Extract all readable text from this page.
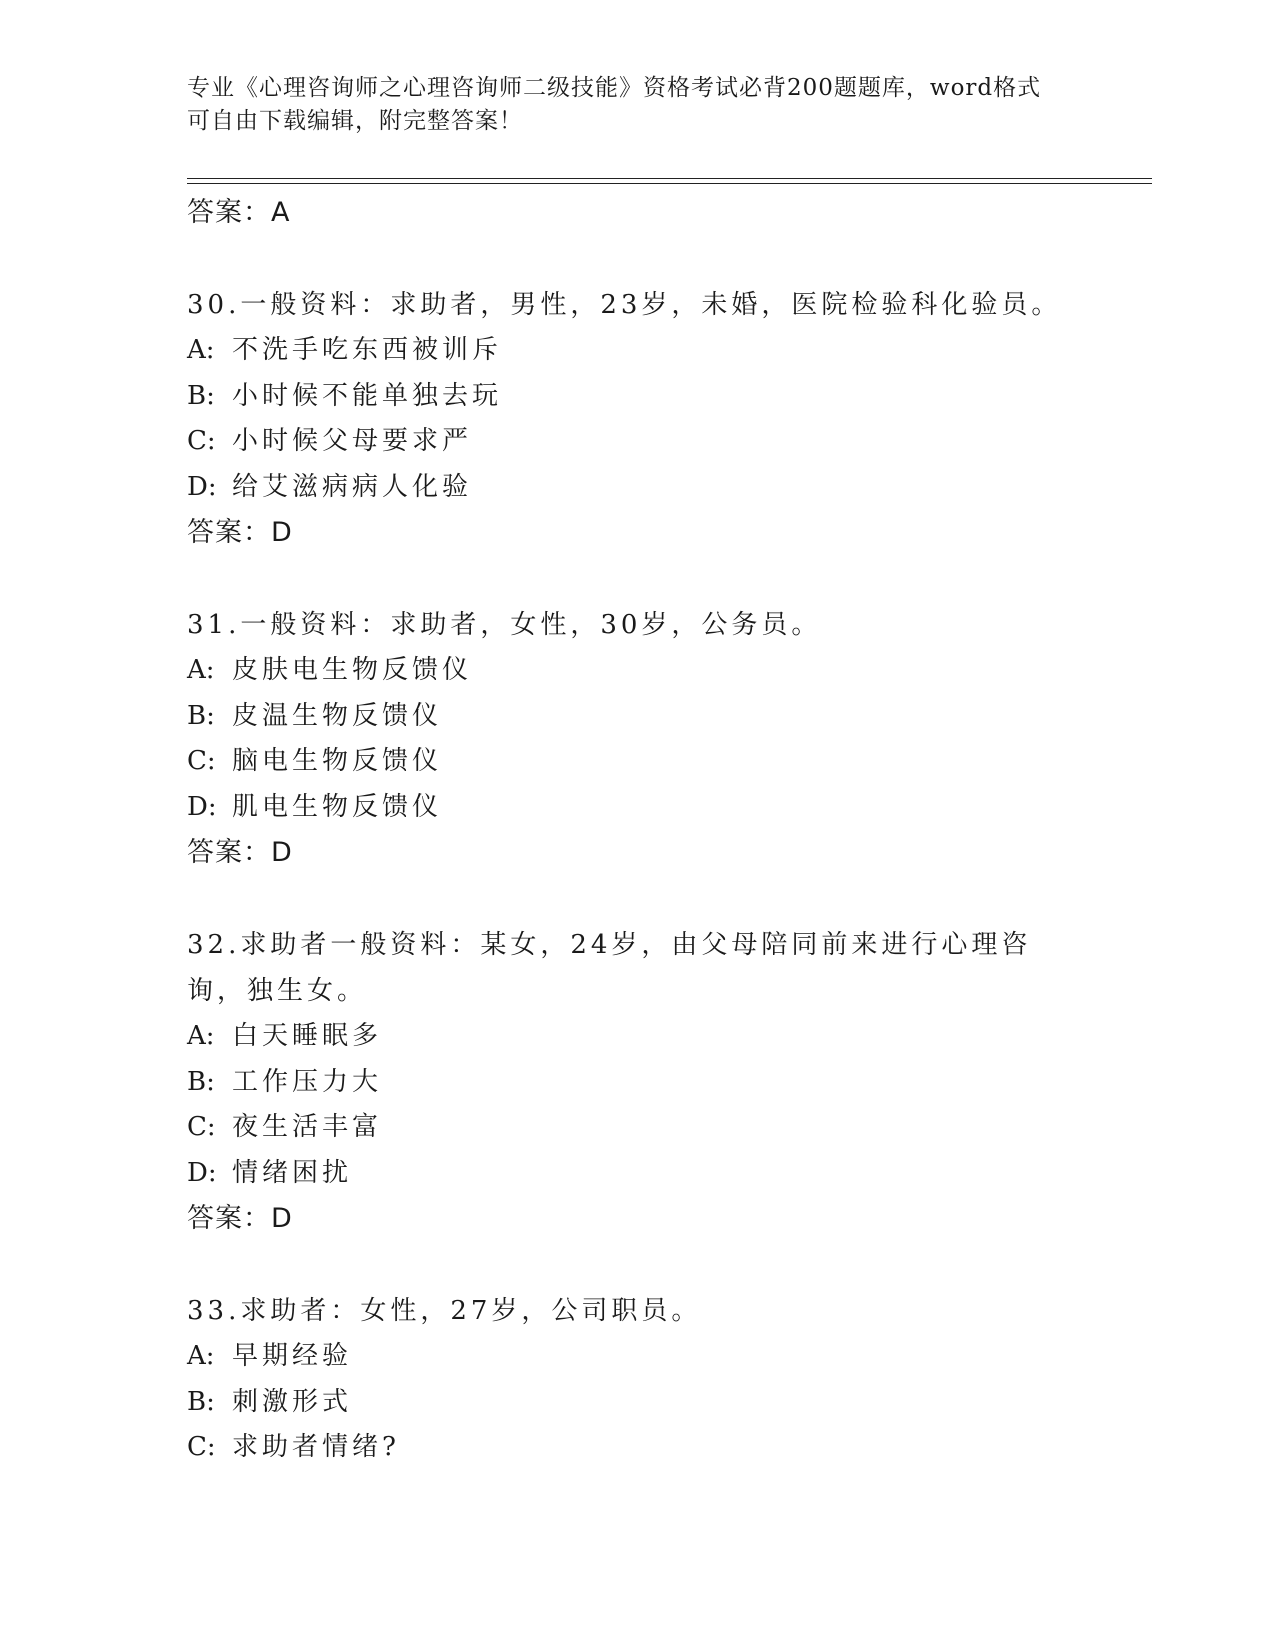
专业《心理咨询师之心理咨询师二级技能》资格考试必背200题题库，word格式
可自由下载编辑，附完整答案！
答案：A
30.一般资料：求助者，男性，23岁，未婚，医院检验科化验员。
A: 不洗手吃东西被训斥
B: 小时候不能单独去玩
C: 小时候父母要求严
D: 给艾滋病病人化验
答案：D
31.一般资料：求助者，女性，30岁，公务员。
A: 皮肤电生物反馈仪
B: 皮温生物反馈仪
C: 脑电生物反馈仪
D: 肌电生物反馈仪
答案：D
32.求助者一般资料：某女，24岁，由父母陪同前来进行心理咨询，独生女。
A: 白天睡眠多
B: 工作压力大
C: 夜生活丰富
D: 情绪困扰
答案：D
33.求助者：女性，27岁，公司职员。
A: 早期经验
B: 刺激形式
C: 求助者情绪?
